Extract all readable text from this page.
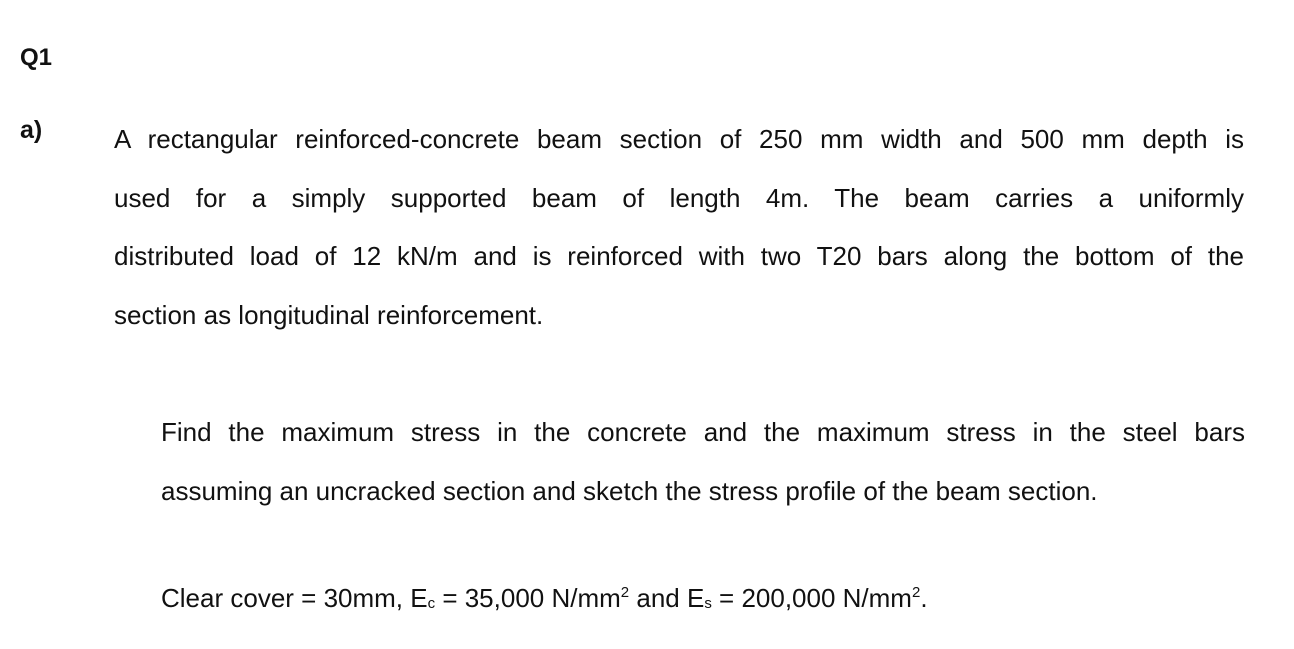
Q1
a)	A rectangular reinforced-concrete beam section of 250 mm width and 500 mm depth is
used for a simply supported beam of length 4m. The beam carries a uniformly
distributed load of 12 kN/m and is reinforced with two T20 bars along the bottom of the
section as longitudinal reinforcement.

Find the maximum stress in the concrete and the maximum stress in the steel bars
assuming an uncracked section and sketch the stress profile of the beam section.

Clear cover = 30mm, Ec = 35,000 $N/mm^2$ and Es = 200,000 $N/mm^2$.
